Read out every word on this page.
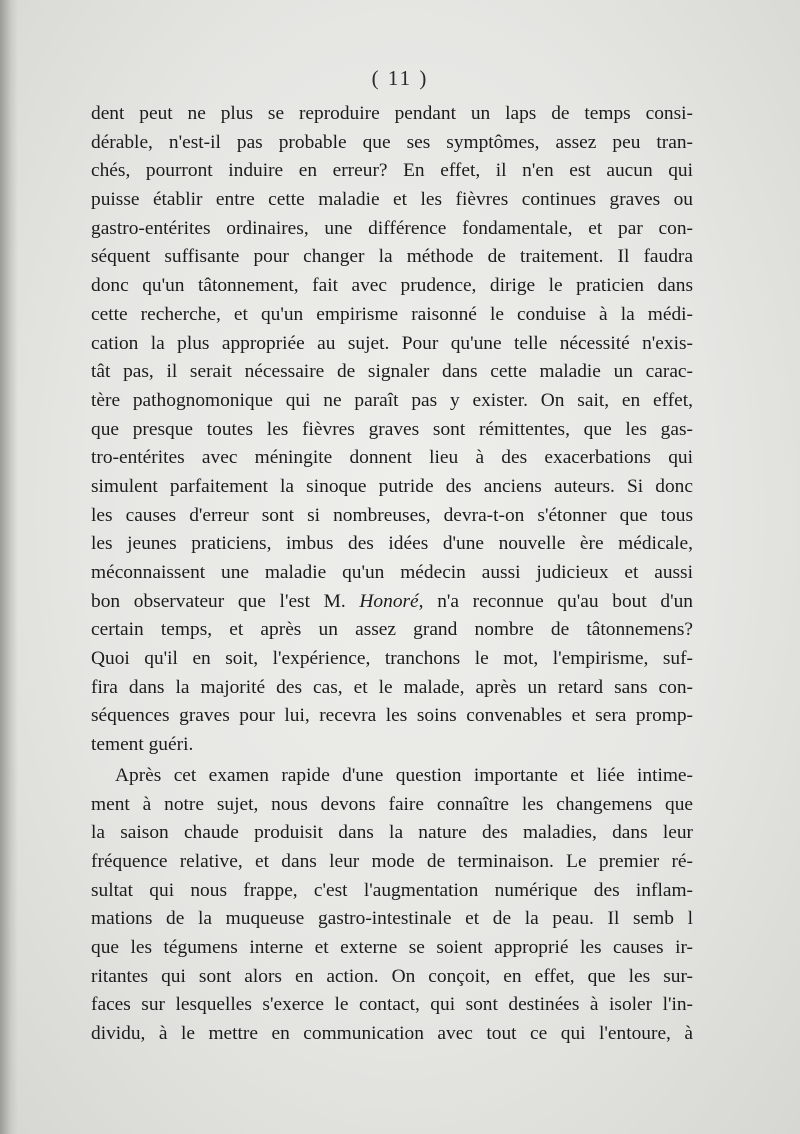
( 11 )
dent peut ne plus se reproduire pendant un laps de temps consi-
dérable, n'est-il pas probable que ses symptômes, assez peu tran-
chés, pourront induire en erreur? En effet, il n'en est aucun qui
puisse établir entre cette maladie et les fièvres continues graves ou
gastro-entérites ordinaires, une différence fondamentale, et par con-
séquent suffisante pour changer la méthode de traitement. Il faudra
donc qu'un tâtonnement, fait avec prudence, dirige le praticien dans
cette recherche, et qu'un empirisme raisonné le conduise à la médi-
cation la plus appropriée au sujet. Pour qu'une telle nécessité n'exis-
tât pas, il serait nécessaire de signaler dans cette maladie un carac-
tère pathognomonique qui ne paraît pas y exister. On sait, en effet,
que presque toutes les fièvres graves sont rémittentes, que les gas-
tro-entérites avec méningite donnent lieu à des exacerbations qui
simulent parfaitement la sinoque putride des anciens auteurs. Si donc
les causes d'erreur sont si nombreuses, devra-t-on s'étonner que tous
les jeunes praticiens, imbus des idées d'une nouvelle ère médicale,
méconnaissent une maladie qu'un médecin aussi judicieux et aussi
bon observateur que l'est M. Honoré, n'a reconnue qu'au bout d'un
certain temps, et après un assez grand nombre de tâtonnemens?
Quoi qu'il en soit, l'expérience, tranchons le mot, l'empirisme, suf-
fira dans la majorité des cas, et le malade, après un retard sans con-
séquences graves pour lui, recevra les soins convenables et sera promp-
tement guéri.
Après cet examen rapide d'une question importante et liée intime-
ment à notre sujet, nous devons faire connaître les changemens que
la saison chaude produisit dans la nature des maladies, dans leur
fréquence relative, et dans leur mode de terminaison. Le premier ré-
sultat qui nous frappe, c'est l'augmentation numérique des inflam-
mations de la muqueuse gastro-intestinale et de la peau. Il semb l
que les tégumens interne et externe se soient approprié les causes ir-
ritantes qui sont alors en action. On conçoit, en effet, que les sur-
faces sur lesquelles s'exerce le contact, qui sont destinées à isoler l'in-
dividu, à le mettre en communication avec tout ce qui l'entoure, à
